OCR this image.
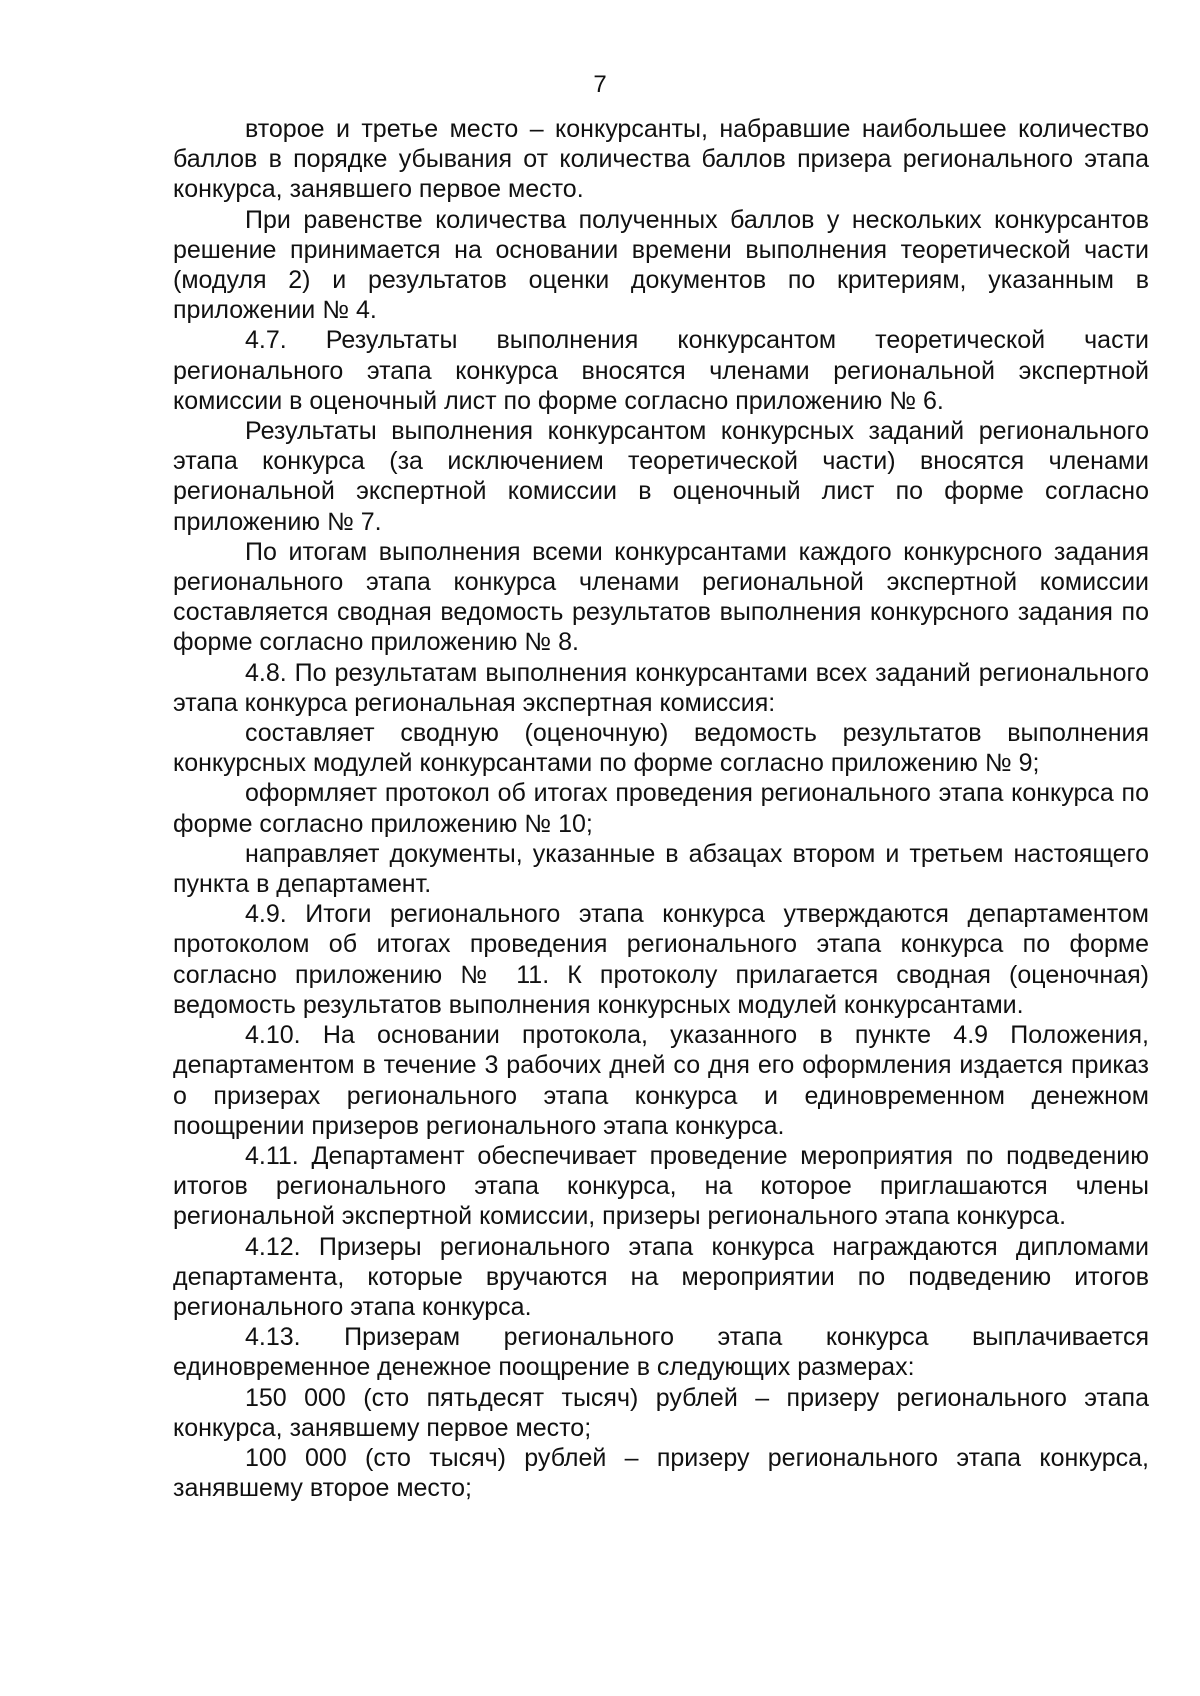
7

второе и третье место – конкурсанты, набравшие наибольшее количество баллов в порядке убывания от количества баллов призера регионального этапа конкурса, занявшего первое место.

При равенстве количества полученных баллов у нескольких конкурсантов решение принимается на основании времени выполнения теоретической части (модуля 2) и результатов оценки документов по критериям, указанным в приложении № 4.

4.7. Результаты выполнения конкурсантом теоретической части регионального этапа конкурса вносятся членами региональной экспертной комиссии в оценочный лист по форме согласно приложению № 6.

Результаты выполнения конкурсантом конкурсных заданий регионального этапа конкурса (за исключением теоретической части) вносятся членами региональной экспертной комиссии в оценочный лист по форме согласно приложению № 7.

По итогам выполнения всеми конкурсантами каждого конкурсного задания регионального этапа конкурса членами региональной экспертной комиссии составляется сводная ведомость результатов выполнения конкурсного задания по форме согласно приложению № 8.

4.8. По результатам выполнения конкурсантами всех заданий регионального этапа конкурса региональная экспертная комиссия:

составляет сводную (оценочную) ведомость результатов выполнения конкурсных модулей конкурсантами по форме согласно приложению № 9;

оформляет протокол об итогах проведения регионального этапа конкурса по форме согласно приложению № 10;

направляет документы, указанные в абзацах втором и третьем настоящего пункта в департамент.

4.9. Итоги регионального этапа конкурса утверждаются департаментом протоколом об итогах проведения регионального этапа конкурса по форме согласно приложению № 11. К протоколу прилагается сводная (оценочная) ведомость результатов выполнения конкурсных модулей конкурсантами.

4.10. На основании протокола, указанного в пункте 4.9 Положения, департаментом в течение 3 рабочих дней со дня его оформления издается приказ о призерах регионального этапа конкурса и единовременном денежном поощрении призеров регионального этапа конкурса.

4.11. Департамент обеспечивает проведение мероприятия по подведению итогов регионального этапа конкурса, на которое приглашаются члены региональной экспертной комиссии, призеры регионального этапа конкурса.

4.12. Призеры регионального этапа конкурса награждаются дипломами департамента, которые вручаются на мероприятии по подведению итогов регионального этапа конкурса.

4.13. Призерам регионального этапа конкурса выплачивается единовременное денежное поощрение в следующих размерах:

150 000 (сто пятьдесят тысяч) рублей – призеру регионального этапа конкурса, занявшему первое место;

100 000 (сто тысяч) рублей – призеру регионального этапа конкурса, занявшему второе место;
